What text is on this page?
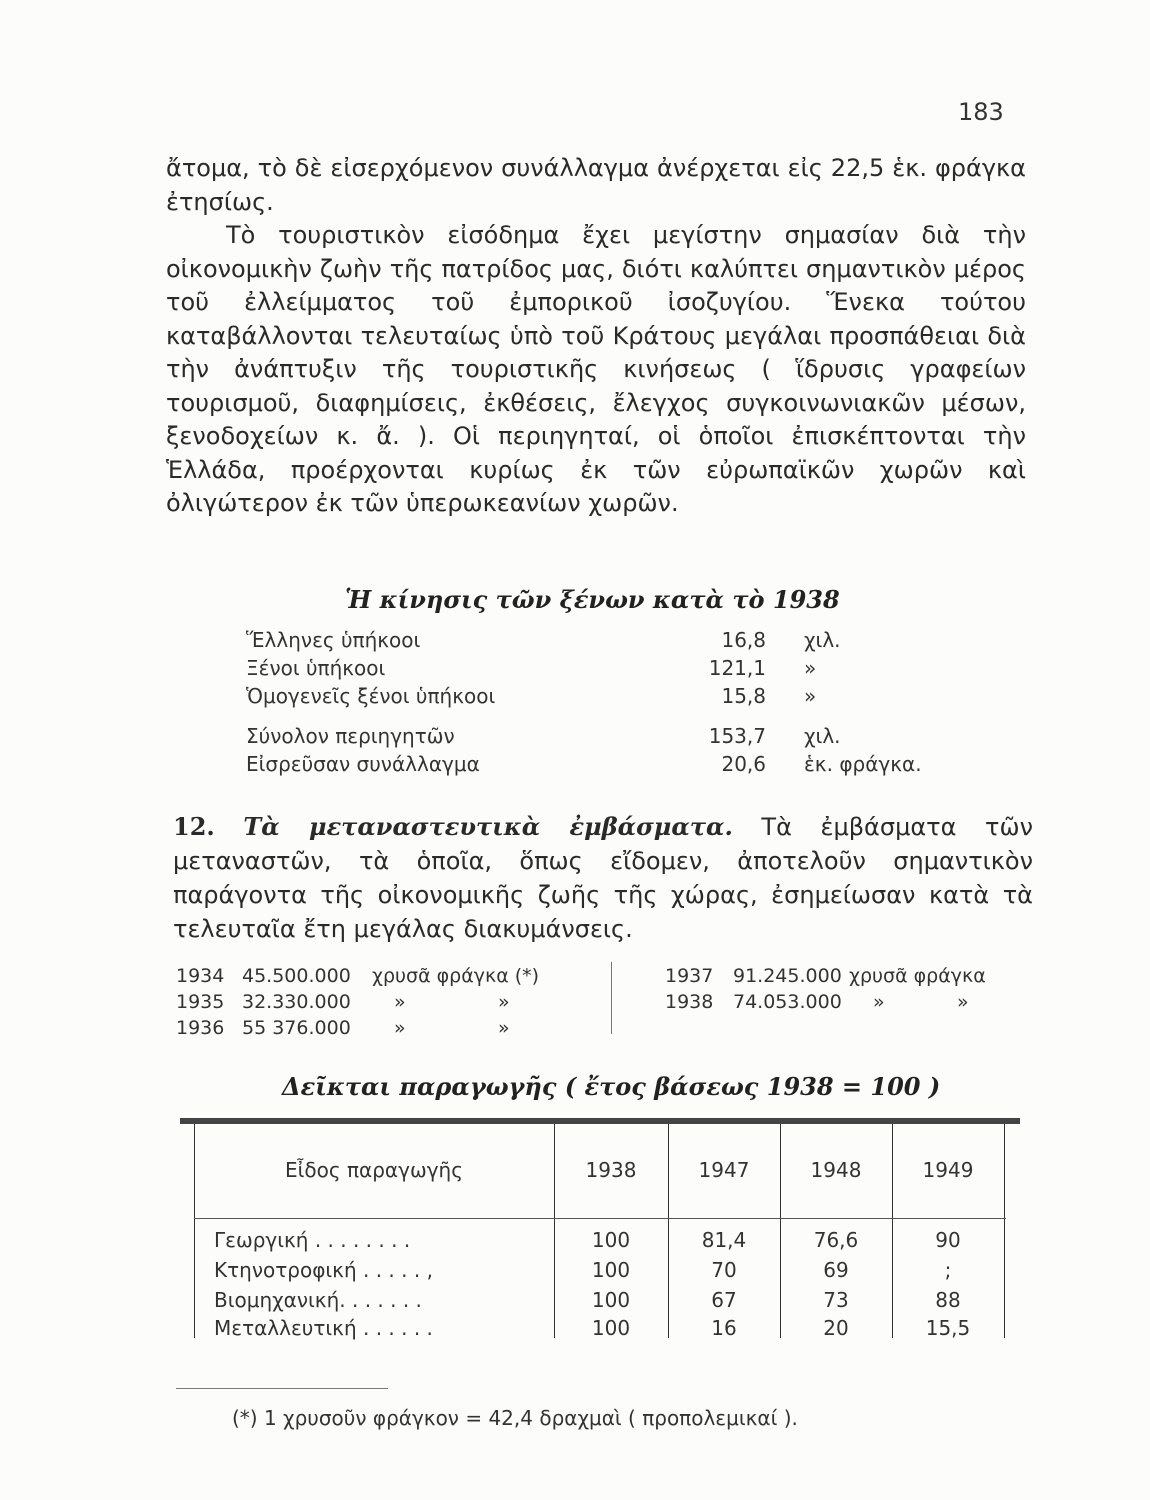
183

ἄτομα, τὸ δὲ εἰσερχόμενον συνάλλαγμα ἀνέρχεται εἰς 22,5 ἑκ. φράγκα ἐτησίως.

Τὸ τουριστικὸν εἰσόδημα ἔχει μεγίστην σημασίαν διὰ τὴν οἰκονομικὴν ζωὴν τῆς πατρίδος μας, διότι καλύπτει σημαντικὸν μέρος τοῦ ἐλλείμματος τοῦ ἐμπορικοῦ ἰσοζυγίου. Ἕνεκα τούτου καταβάλλονται τελευταίως ὑπὸ τοῦ Κράτους μεγάλαι προσπάθειαι διὰ τὴν ἀνάπτυξιν τῆς τουριστικῆς κινήσεως ( ἵδρυσις γραφείων τουρισμοῦ, διαφημίσεις, ἐκθέσεις, ἔλεγχος συγκοινωνιακῶν μέσων, ξενοδοχείων κ. ἄ. ). Οἱ περιηγηταί, οἱ ὁποῖοι ἐπισκέπτονται τὴν Ἑλλάδα, προέρχονται κυρίως ἐκ τῶν εὐρωπαϊκῶν χωρῶν καὶ ὀλιγώτερον ἐκ τῶν ὑπερωκεανίων χωρῶν.

Ἡ κίνησις τῶν ξένων κατὰ τὸ 1938
Ἕλληνες ὑπήκοοι	16,8 χιλ.
Ξένοι ὑπήκοοι	121,1 »
Ὁμογενεῖς ξένοι ὑπήκοοι	15,8 »
Σύνολον περιηγητῶν	153,7 χιλ.
Εἰσρεῦσαν συνάλλαγμα	20,6 ἑκ. φράγκα.
12. Τὰ μεταναστευτικὰ ἐμβάσματα. Τὰ ἐμβάσματα τῶν μεταναστῶν, τὰ ὁποῖα, ὅπως εἴδομεν, ἀποτελοῦν σημαντικὸν παράγοντα τῆς οἰκονομικῆς ζωῆς τῆς χώρας, ἐσημείωσαν κατὰ τὰ τελευταῖα ἔτη μεγάλας διακυμάνσεις.
1934 45.500.000 χρυσᾶ φράγκα (*)
1935 32.330.000 »	»
1936 55 376.000 »	»
1937 91.245.000 χρυσᾶ φράγκα
1938 74.053.000 »	»
Δεῖκται παραγωγῆς ( ἔτος βάσεως 1938 = 100 )
Εἶδος παραγωγῆς	1938	1947	1948	1949
Γεωργική . . . . . . . .	100	81,4	76,6	90
Κτηνοτροφική . . . . . ,	100	70	69	;
Βιομηχανική. . . . . . .	100	67	73	88
Μεταλλευτική . . . . . .	100	16	20	15,5
(*) 1 χρυσοῦν φράγκον = 42,4 δραχμαὶ ( προπολεμικαί ).
